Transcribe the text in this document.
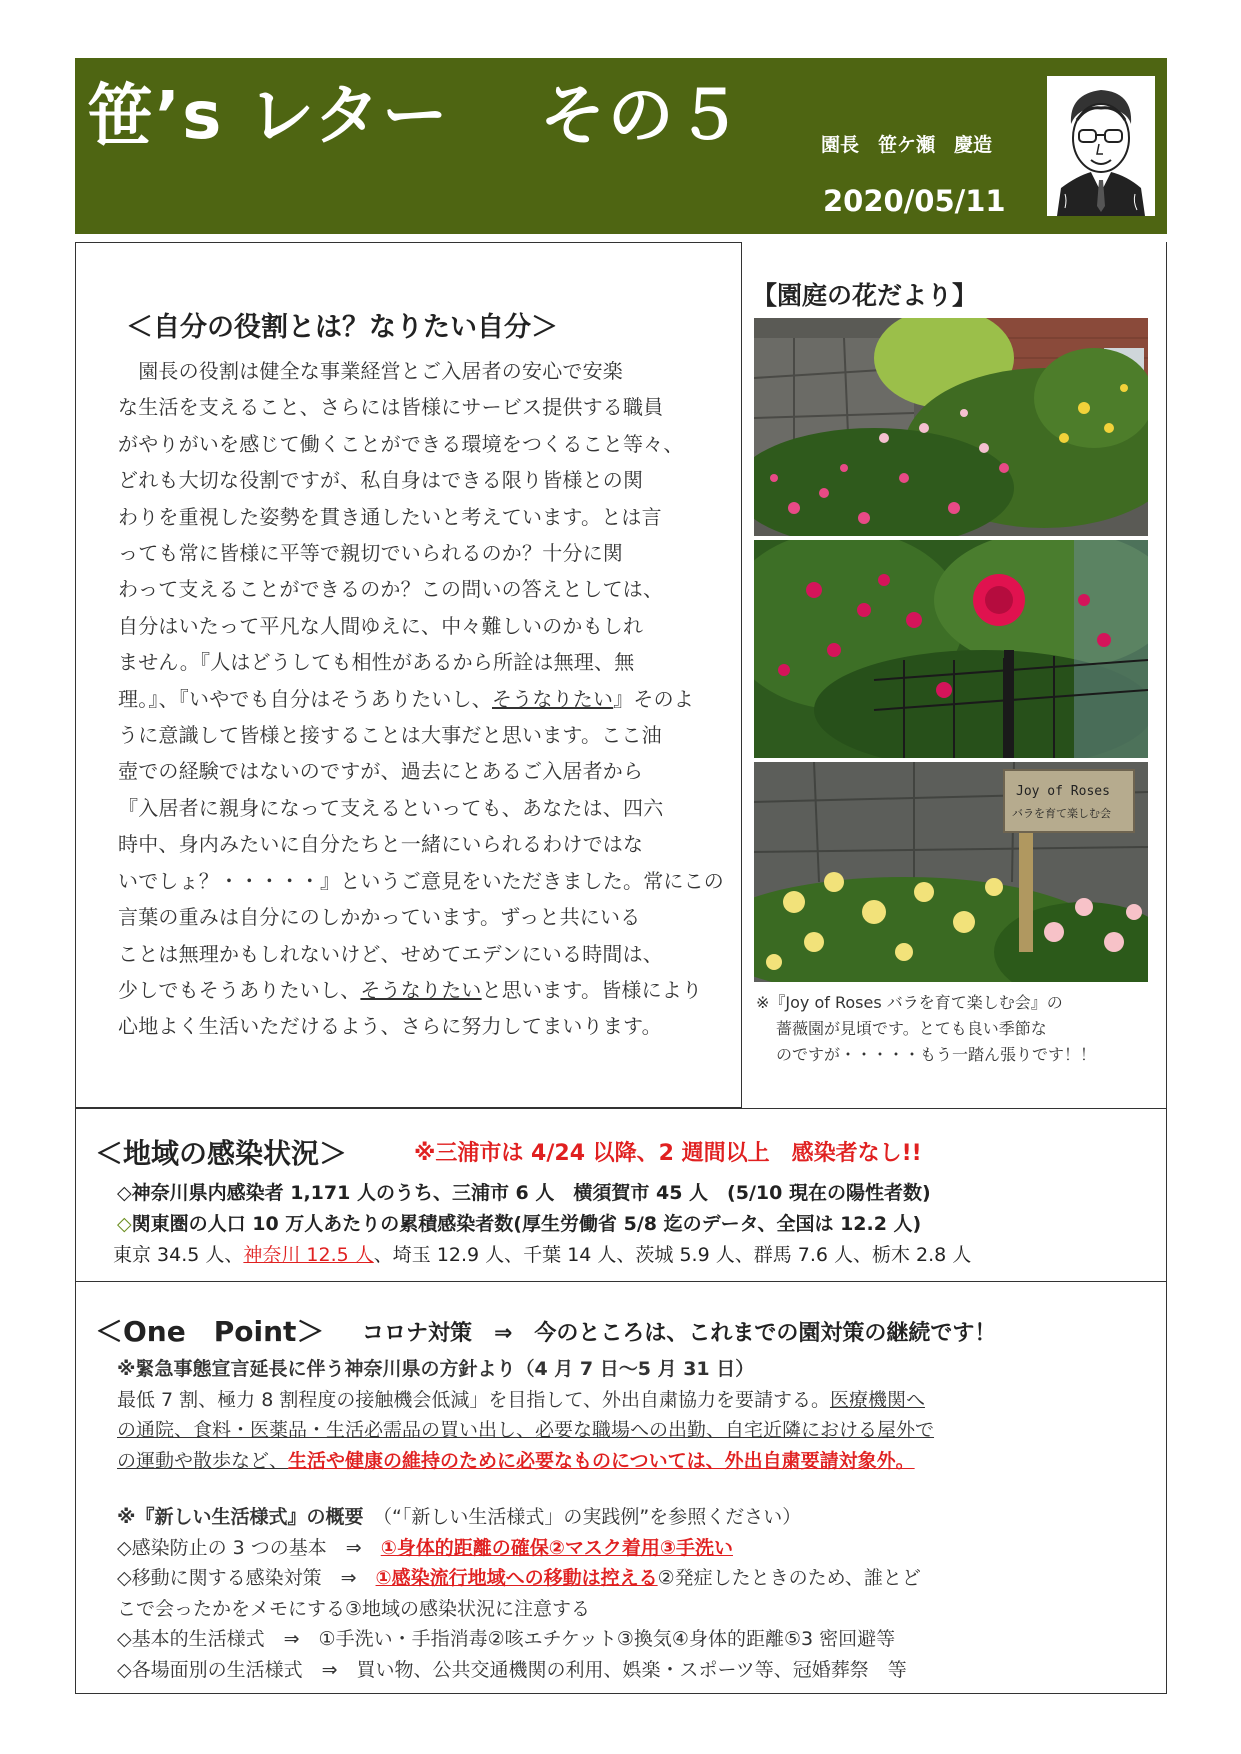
笹’s レター その５	園長　笹ケ瀬　慶造
2020/05/11
＜自分の役割とは？なりたい自分＞

　園長の役割は健全な事業経営とご入居者の安心で安楽

な生活を支えること、さらには皆様にサービス提供する職員

がやりがいを感じて働くことができる環境をつくること等々、

どれも大切な役割ですが、私自身はできる限り皆様との関

わりを重視した姿勢を貫き通したいと考えています。とは言

っても常に皆様に平等で親切でいられるのか？十分に関

わって支えることができるのか？この問いの答えとしては、

自分はいたって平凡な人間ゆえに、中々難しいのかもしれ

ません。『人はどうしても相性があるから所詮は無理、無

理。』、『いやでも自分はそうありたいし、そうなりたい』そのよ

うに意識して皆様と接することは大事だと思います。ここ油

壺での経験ではないのですが、過去にとあるご入居者から

『入居者に親身になって支えるといっても、あなたは、四六

時中、身内みたいに自分たちと一緒にいられるわけではな

いでしょ？・・・・・』というご意見をいただきました。常にこの

言葉の重みは自分にのしかかっています。ずっと共にいる

ことは無理かもしれないけど、せめてエデンにいる時間は、

少しでもそうありたいし、そうなりたいと思います。皆様により

心地よく生活いただけるよう、さらに努力してまいります。

【園庭の花だより】
Joy of Roses
バラを育て楽しむ会
※『Joy of Roses バラを育て楽しむ会』の
薔薇園が見頃です。とても良い季節な
のですが・・・・・もう一踏ん張りです！！
＜地域の感染状況＞	※三浦市は 4/24 以降、2 週間以上　感染者なし!!
◇神奈川県内感染者 1,171 人のうち、三浦市 6 人　横須賀市 45 人　(5/10 現在の陽性者数)
◇関東圏の人口 10 万人あたりの累積感染者数(厚生労働省 5/8 迄のデータ、全国は 12.2 人)
東京 34.5 人、神奈川 12.5 人、埼玉 12.9 人、千葉 14 人、茨城 5.9 人、群馬 7.6 人、栃木 2.8 人
＜One　Point＞ コロナ対策　⇒　今のところは、これまでの園対策の継続です！
※緊急事態宣言延長に伴う神奈川県の方針より（4 月 7 日～5 月 31 日）
最低 7 割、極力 8 割程度の接触機会低減」を目指して、外出自粛協力を要請する。医療機関へ
の通院、食料・医薬品・生活必需品の買い出し、必要な職場への出勤、自宅近隣における屋外で
の運動や散歩など、生活や健康の維持のために必要なものについては、外出自粛要請対象外。
※『新しい生活様式』の概要　 （“「新しい生活様式」の実践例”を参照ください）
◇感染防止の 3 つの基本　⇒　①身体的距離の確保②マスク着用③手洗い
◇移動に関する感染対策　⇒　①感染流行地域への移動は控える②発症したときのため、誰とど
こで会ったかをメモにする③地域の感染状況に注意する
◇基本的生活様式　⇒　①手洗い・手指消毒②咳エチケット③換気④身体的距離⑤3 密回避等
◇各場面別の生活様式　⇒　買い物、公共交通機関の利用、娯楽・スポーツ等、冠婚葬祭　等
